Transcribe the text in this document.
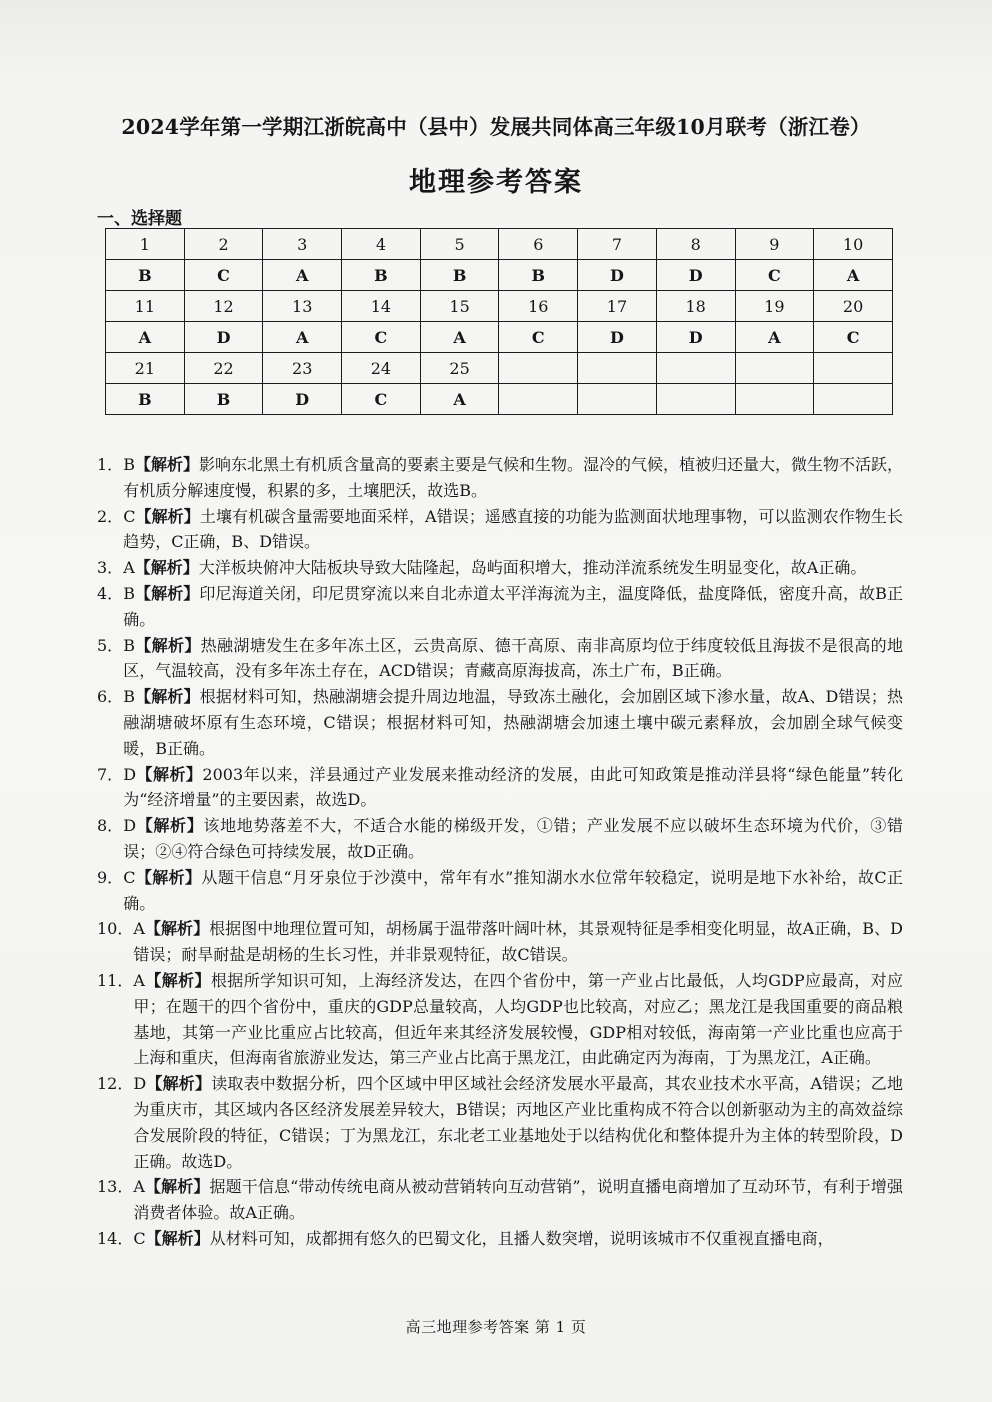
2024学年第一学期江浙皖高中（县中）发展共同体高三年级10月联考（浙江卷）
地理参考答案
一、选择题
1	2	3	4	5	6	7	8	9	10
B	C	A	B	B	B	D	D	C	A
11	12	13	14	15	16	17	18	19	20
A	D	A	C	A	C	D	D	A	C
21	22	23	24	25					
B	B	D	C	A					
1． B【解析】影响东北黑土有机质含量高的要素主要是气候和生物。湿冷的气候，植被归还量大，微生物不活跃，有机质分解速度慢，积累的多，土壤肥沃，故选B。
2． C【解析】土壤有机碳含量需要地面采样，A错误；遥感直接的功能为监测面状地理事物，可以监测农作物生长趋势，C正确，B、D错误。
3． A【解析】大洋板块俯冲大陆板块导致大陆隆起，岛屿面积增大，推动洋流系统发生明显变化，故A正确。
4． B【解析】印尼海道关闭，印尼贯穿流以来自北赤道太平洋海流为主，温度降低，盐度降低，密度升高，故B正确。
5． B【解析】热融湖塘发生在多年冻土区，云贵高原、德干高原、南非高原均位于纬度较低且海拔不是很高的地区，气温较高，没有多年冻土存在，ACD错误；青藏高原海拔高，冻土广布，B正确。
6． B【解析】根据材料可知，热融湖塘会提升周边地温，导致冻土融化，会加剧区域下渗水量，故A、D错误；热融湖塘破坏原有生态环境，C错误；根据材料可知，热融湖塘会加速土壤中碳元素释放，会加剧全球气候变暖，B正确。
7． D【解析】2003年以来，洋县通过产业发展来推动经济的发展，由此可知政策是推动洋县将“绿色能量”转化为“经济增量”的主要因素，故选D。
8． D【解析】该地地势落差不大，不适合水能的梯级开发，①错；产业发展不应以破坏生态环境为代价，③错误；②④符合绿色可持续发展，故D正确。
9． C【解析】从题干信息“月牙泉位于沙漠中，常年有水”推知湖水水位常年较稳定，说明是地下水补给，故C正确。
10． A【解析】根据图中地理位置可知，胡杨属于温带落叶阔叶林，其景观特征是季相变化明显，故A正确，B、D错误；耐旱耐盐是胡杨的生长习性，并非景观特征，故C错误。
11． A【解析】根据所学知识可知，上海经济发达，在四个省份中，第一产业占比最低，人均GDP应最高，对应甲；在题干的四个省份中，重庆的GDP总量较高，人均GDP也比较高，对应乙；黑龙江是我国重要的商品粮基地，其第一产业比重应占比较高，但近年来其经济发展较慢，GDP相对较低，海南第一产业比重也应高于上海和重庆，但海南省旅游业发达，第三产业占比高于黑龙江，由此确定丙为海南，丁为黑龙江，A正确。
12． D【解析】读取表中数据分析，四个区域中甲区域社会经济发展水平最高，其农业技术水平高，A错误；乙地为重庆市，其区域内各区经济发展差异较大，B错误；丙地区产业比重构成不符合以创新驱动为主的高效益综合发展阶段的特征，C错误；丁为黑龙江，东北老工业基地处于以结构优化和整体提升为主体的转型阶段，D正确。故选D。
13． A【解析】据题干信息“带动传统电商从被动营销转向互动营销”，说明直播电商增加了互动环节，有利于增强消费者体验。故A正确。
14． C【解析】从材料可知，成都拥有悠久的巴蜀文化，且播人数突增，说明该城市不仅重视直播电商，
高三地理参考答案 第 1 页
